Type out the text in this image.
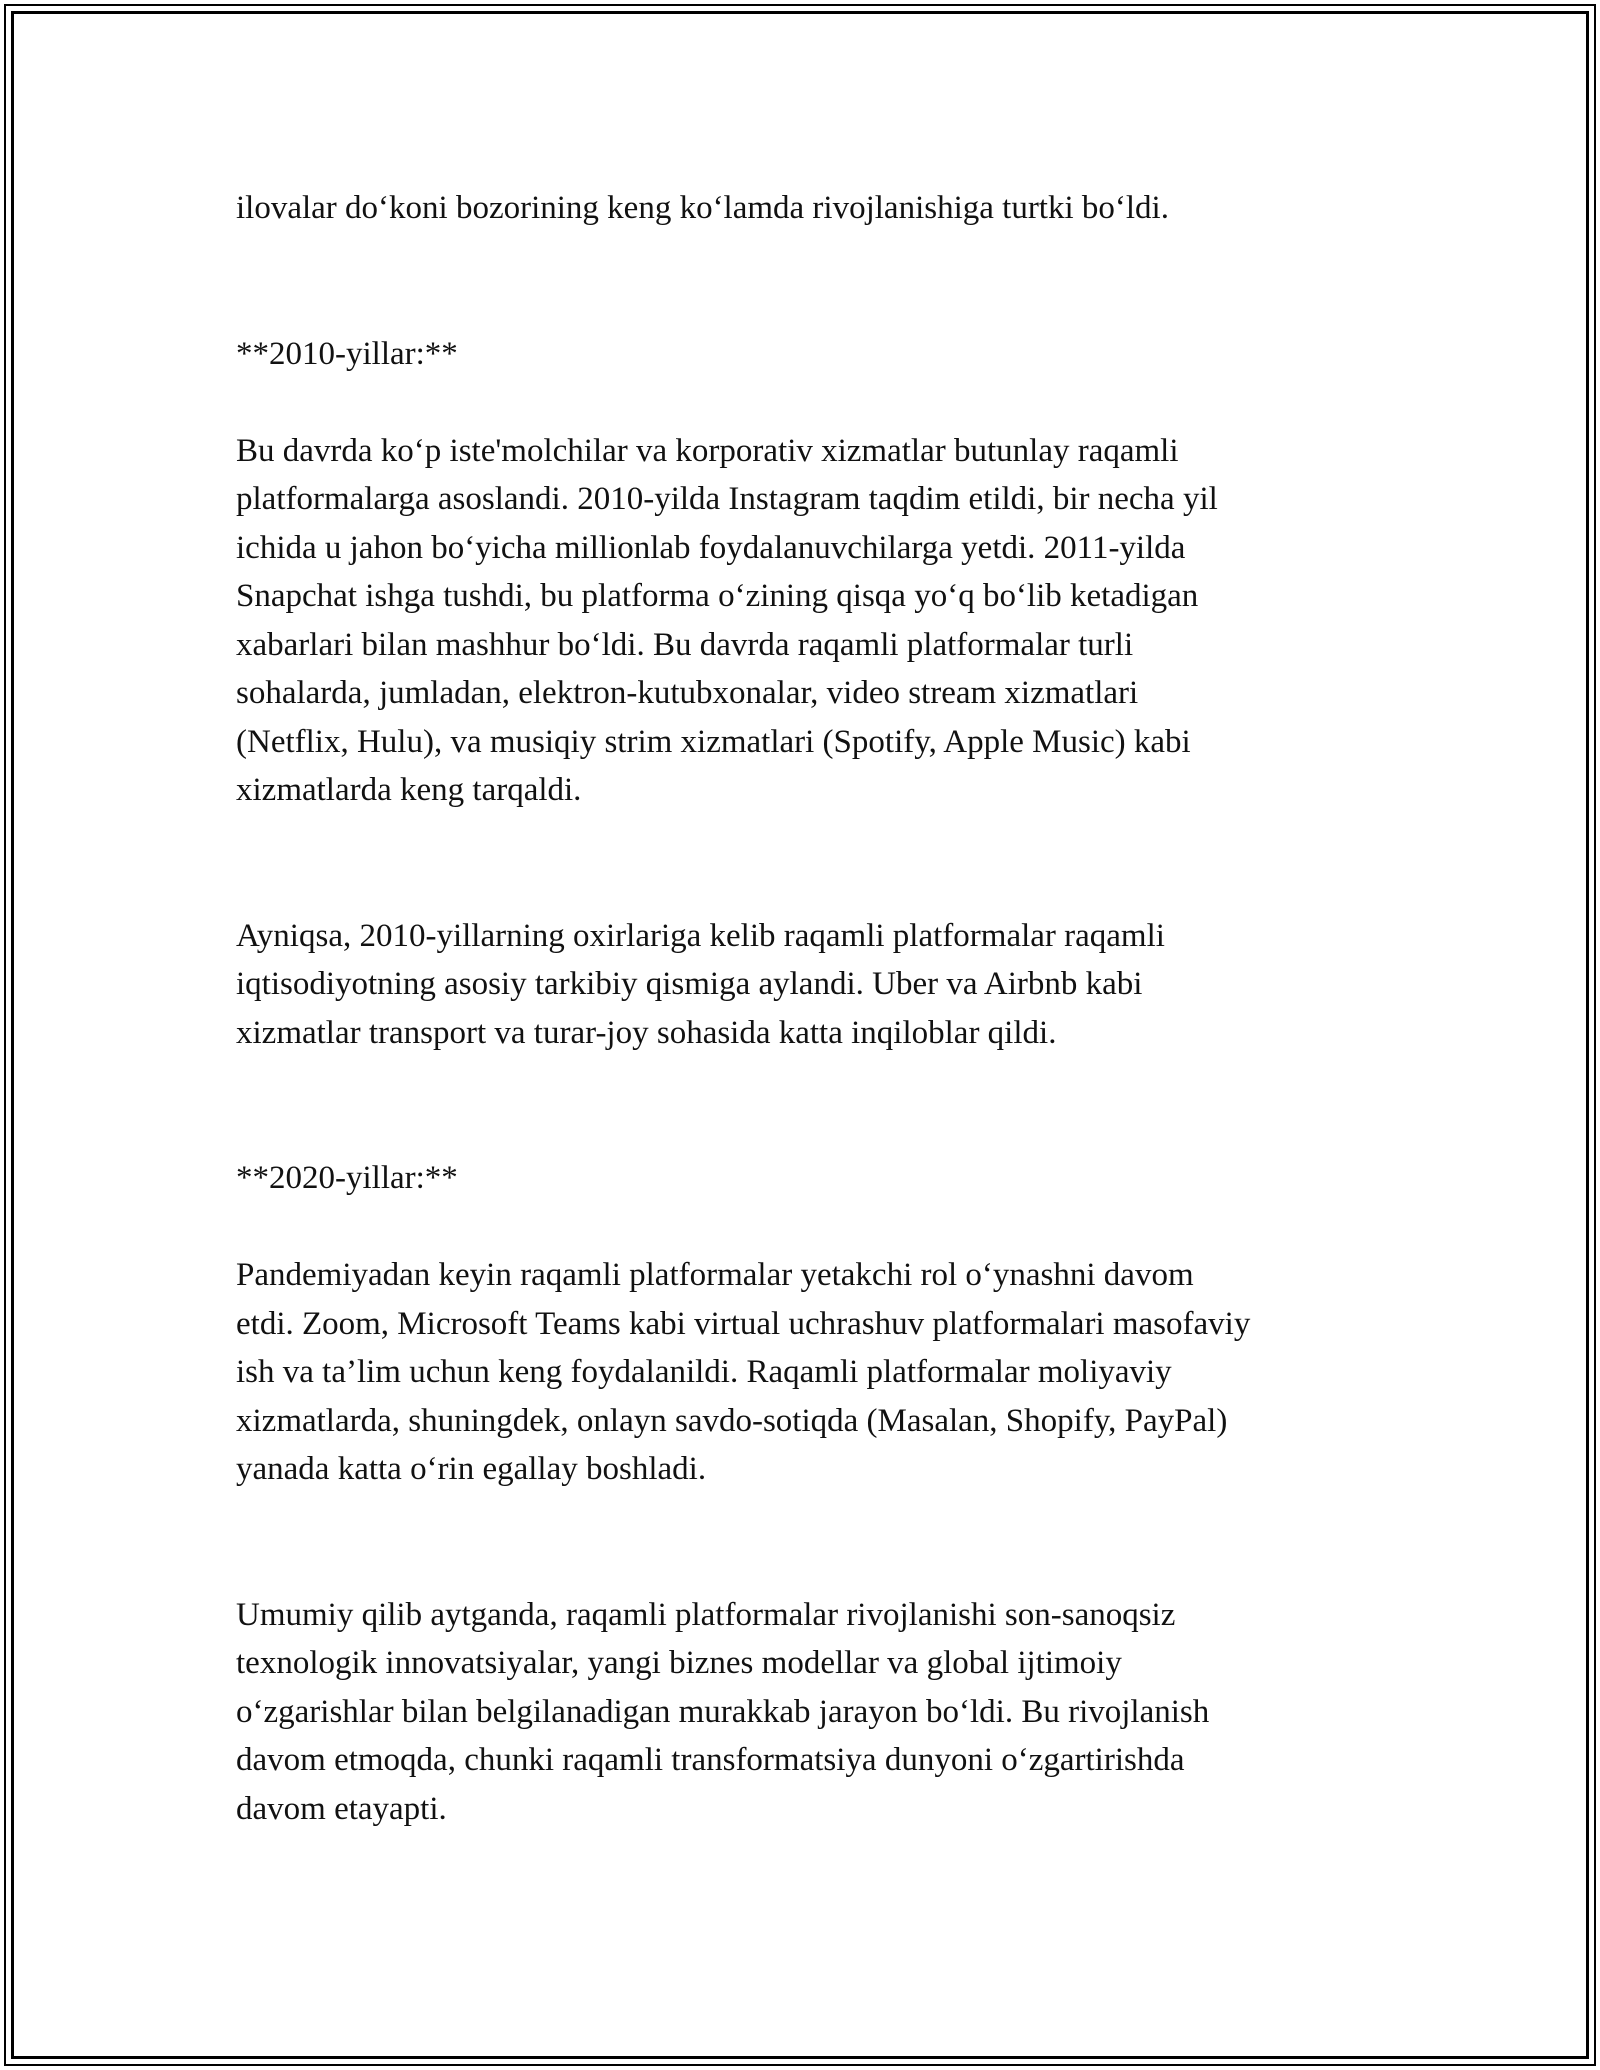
ilovalar do‘koni bozorining keng ko‘lamda rivojlanishiga turtki bo‘ldi.

**2010-yillar:**

Bu davrda ko‘p iste'molchilar va korporativ xizmatlar butunlay raqamli
platformalarga asoslandi. 2010-yilda Instagram taqdim etildi, bir necha yil
ichida u jahon bo‘yicha millionlab foydalanuvchilarga yetdi. 2011-yilda
Snapchat ishga tushdi, bu platforma o‘zining qisqa yo‘q bo‘lib ketadigan
xabarlari bilan mashhur bo‘ldi. Bu davrda raqamli platformalar turli
sohalarda, jumladan, elektron-kutubxonalar, video stream xizmatlari
(Netflix, Hulu), va musiqiy strim xizmatlari (Spotify, Apple Music) kabi
xizmatlarda keng tarqaldi.

Ayniqsa, 2010-yillarning oxirlariga kelib raqamli platformalar raqamli
iqtisodiyotning asosiy tarkibiy qismiga aylandi. Uber va Airbnb kabi
xizmatlar transport va turar-joy sohasida katta inqiloblar qildi.

**2020-yillar:**

Pandemiyadan keyin raqamli platformalar yetakchi rol o‘ynashni davom
etdi. Zoom, Microsoft Teams kabi virtual uchrashuv platformalari masofaviy
ish va ta’lim uchun keng foydalanildi. Raqamli platformalar moliyaviy
xizmatlarda, shuningdek, onlayn savdo-sotiqda (Masalan, Shopify, PayPal)
yanada katta o‘rin egallay boshladi.

Umumiy qilib aytganda, raqamli platformalar rivojlanishi son-sanoqsiz
texnologik innovatsiyalar, yangi biznes modellar va global ijtimoiy
o‘zgarishlar bilan belgilanadigan murakkab jarayon bo‘ldi. Bu rivojlanish
davom etmoqda, chunki raqamli transformatsiya dunyoni o‘zgartirishda
davom etayapti.
